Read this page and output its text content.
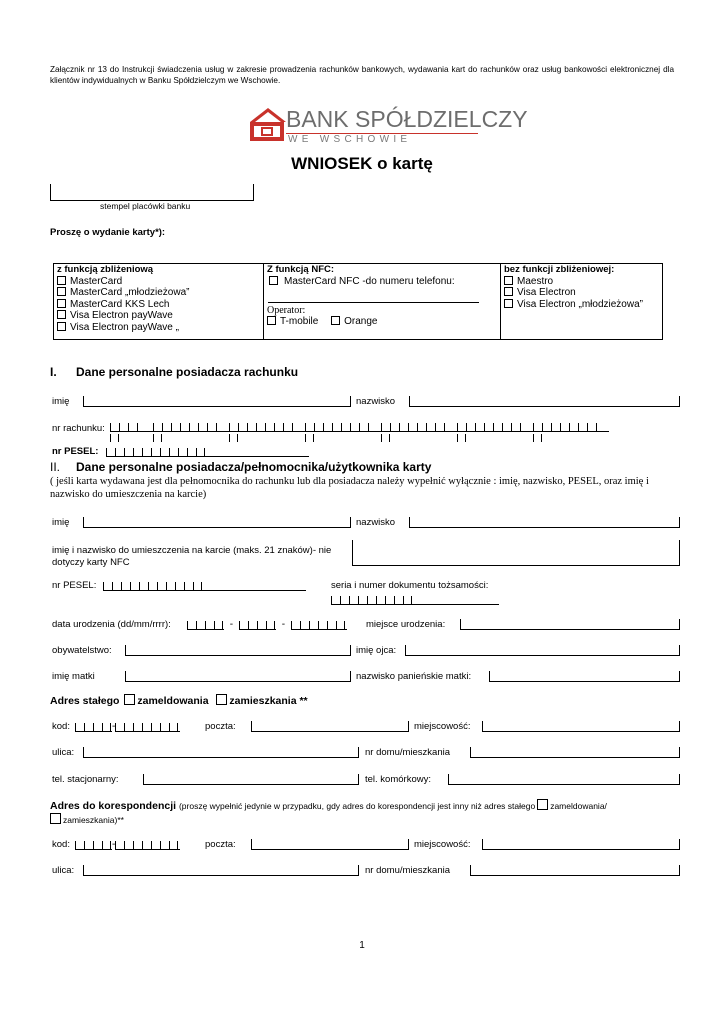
Załącznik nr 13 do Instrukcji świadczenia usług w zakresie prowadzenia rachunków bankowych, wydawania kart do rachunków oraz usług bankowości elektronicznej dla klientów indywidualnych w Banku Spółdzielczym we Wschowie.
BANK SPÓŁDZIELCZY
WE WSCHOWIE
WNIOSEK o kartę
stempel placówki banku
Proszę o wydanie karty*):
z funkcją zbliżeniową
MasterCard
MasterCard „młodzieżowa”
MasterCard KKS Lech
Visa Electron payWave
Visa Electron payWave „

Z funkcją NFC:
MasterCard NFC -do numeru telefonu:
Operator:
T-mobile	Orange

bez funkcji zbliżeniowej:
Maestro
Visa Electron
Visa Electron „młodzieżowa”
I. Dane personalne posiadacza rachunku
imię	nazwisko
nr rachunku:
nr PESEL:
II. Dane personalne posiadacza/pełnomocnika/użytkownika karty
( jeśli karta wydawana jest dla pełnomocnika do rachunku lub dla posiadacza należy wypełnić wyłącznie : imię, nazwisko, PESEL, oraz imię i nazwisko do umieszczenia na karcie)
imię	nazwisko
imię i nazwisko do umieszczenia na karcie (maks. 21 znaków)- nie dotyczy karty NFC
nr PESEL:	seria i numer dokumentu tożsamości:
data urodzenia (dd/mm/rrrr):	-	-	miejsce urodzenia:
obywatelstwo:	imię ojca:
imię matki	nazwisko panieńskie matki:
Adres stałego zameldowania zamieszkania **
kod:	-	poczta:	miejscowość:
ulica:	nr domu/mieszkania
tel. stacjonarny:	tel. komórkowy:
Adres do korespondencji (proszę wypełnić jedynie w przypadku, gdy adres do korespondencji jest inny niż adres stałego zameldowania/
zamieszkania)**
kod:	-	poczta:	miejscowość:
ulica:	nr domu/mieszkania
1
